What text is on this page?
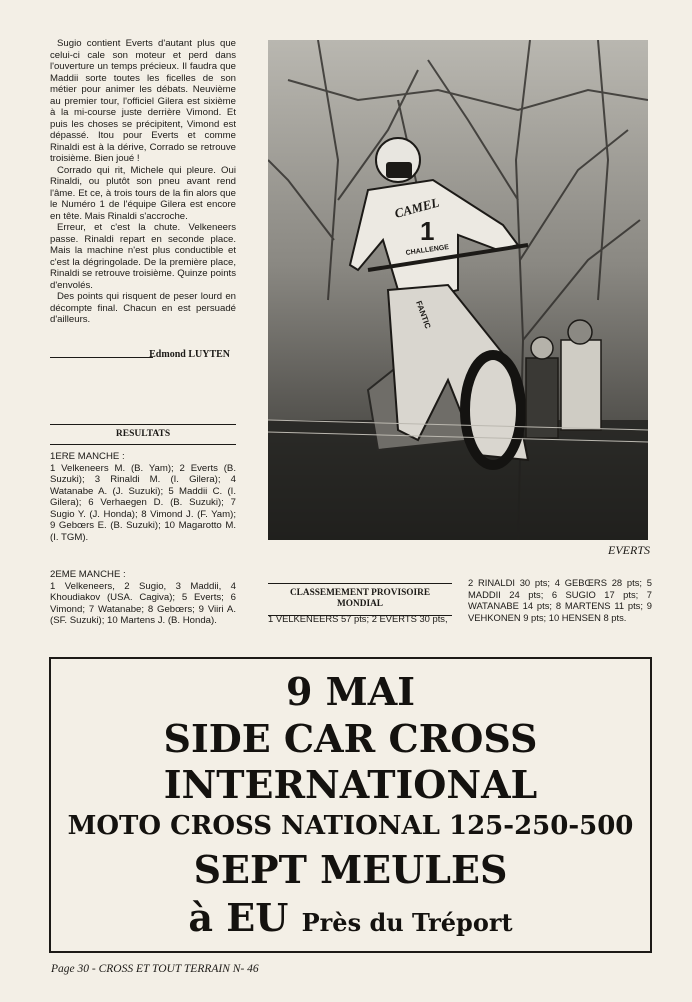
Sugio contient Everts d'autant plus que celui-ci cale son moteur et perd dans l'ouverture un temps précieux. Il faudra que Maddii sorte toutes les ficelles de son métier pour animer les débats. Neuvième au premier tour, l'officiel Gilera est sixième à la mi-course juste derrière Vimond. Et puis les choses se précipitent, Vimond est dépassé. Itou pour Everts et comme Rinaldi est à la dérive, Corrado se retrouve troisième. Bien joué !

Corrado qui rit, Michele qui pleure. Oui Rinaldi, ou plutôt son pneu avant rend l'âme. Et ce, à trois tours de la fin alors que le Numéro 1 de l'équipe Gilera est encore en tête. Mais Rinaldi s'accroche.

Erreur, et c'est la chute. Velkeneers passe. Rinaldi repart en seconde place. Mais la machine n'est plus conductible et c'est la dégringolade. De la première place, Rinaldi se retrouve troisième. Quinze points d'envolés.

Des points qui risquent de peser lourd en décompte final. Chacun en est persuadé d'ailleurs.

Edmond LUYTEN
RESULTATS
1ERE MANCHE :
1 Velkeneers M. (B. Yam); 2 Everts (B. Suzuki); 3 Rinaldi M. (I. Gilera); 4 Watanabe A. (J. Suzuki); 5 Maddii C. (I. Gilera); 6 Verhaegen D. (B. Suzuki); 7 Sugio Y. (J. Honda); 8 Vimond J. (F. Yam); 9 Gebœrs E. (B. Suzuki); 10 Magarotto M. (I. TGM).
2EME MANCHE :
1 Velkeneers, 2 Sugio, 3 Maddii, 4 Khoudiakov (USA. Cagiva); 5 Everts; 6 Vimond; 7 Watanabe; 8 Gebœrs; 9 Viiri A. (SF. Suzuki); 10 Martens J. (B. Honda).
CAMEL
1
CHALLENGE
FANTIC
EVERTS
CLASSEMEMENT PROVISOIRE MONDIAL
1 VELKENEERS 57 pts; 2 EVERTS 30 pts,
2 RINALDI 30 pts; 4 GEBŒRS 28 pts; 5 MADDII 24 pts; 6 SUGIO 17 pts; 7 WATANABE 14 pts; 8 MARTENS 11 pts; 9 VEHKONEN 9 pts; 10 HENSEN 8 pts.
9 MAI
SIDE CAR CROSS
INTERNATIONAL
MOTO CROSS NATIONAL 125-250-500
SEPT MEULES
à EU Près du Tréport
Page 30 - CROSS ET TOUT TERRAIN N- 46
